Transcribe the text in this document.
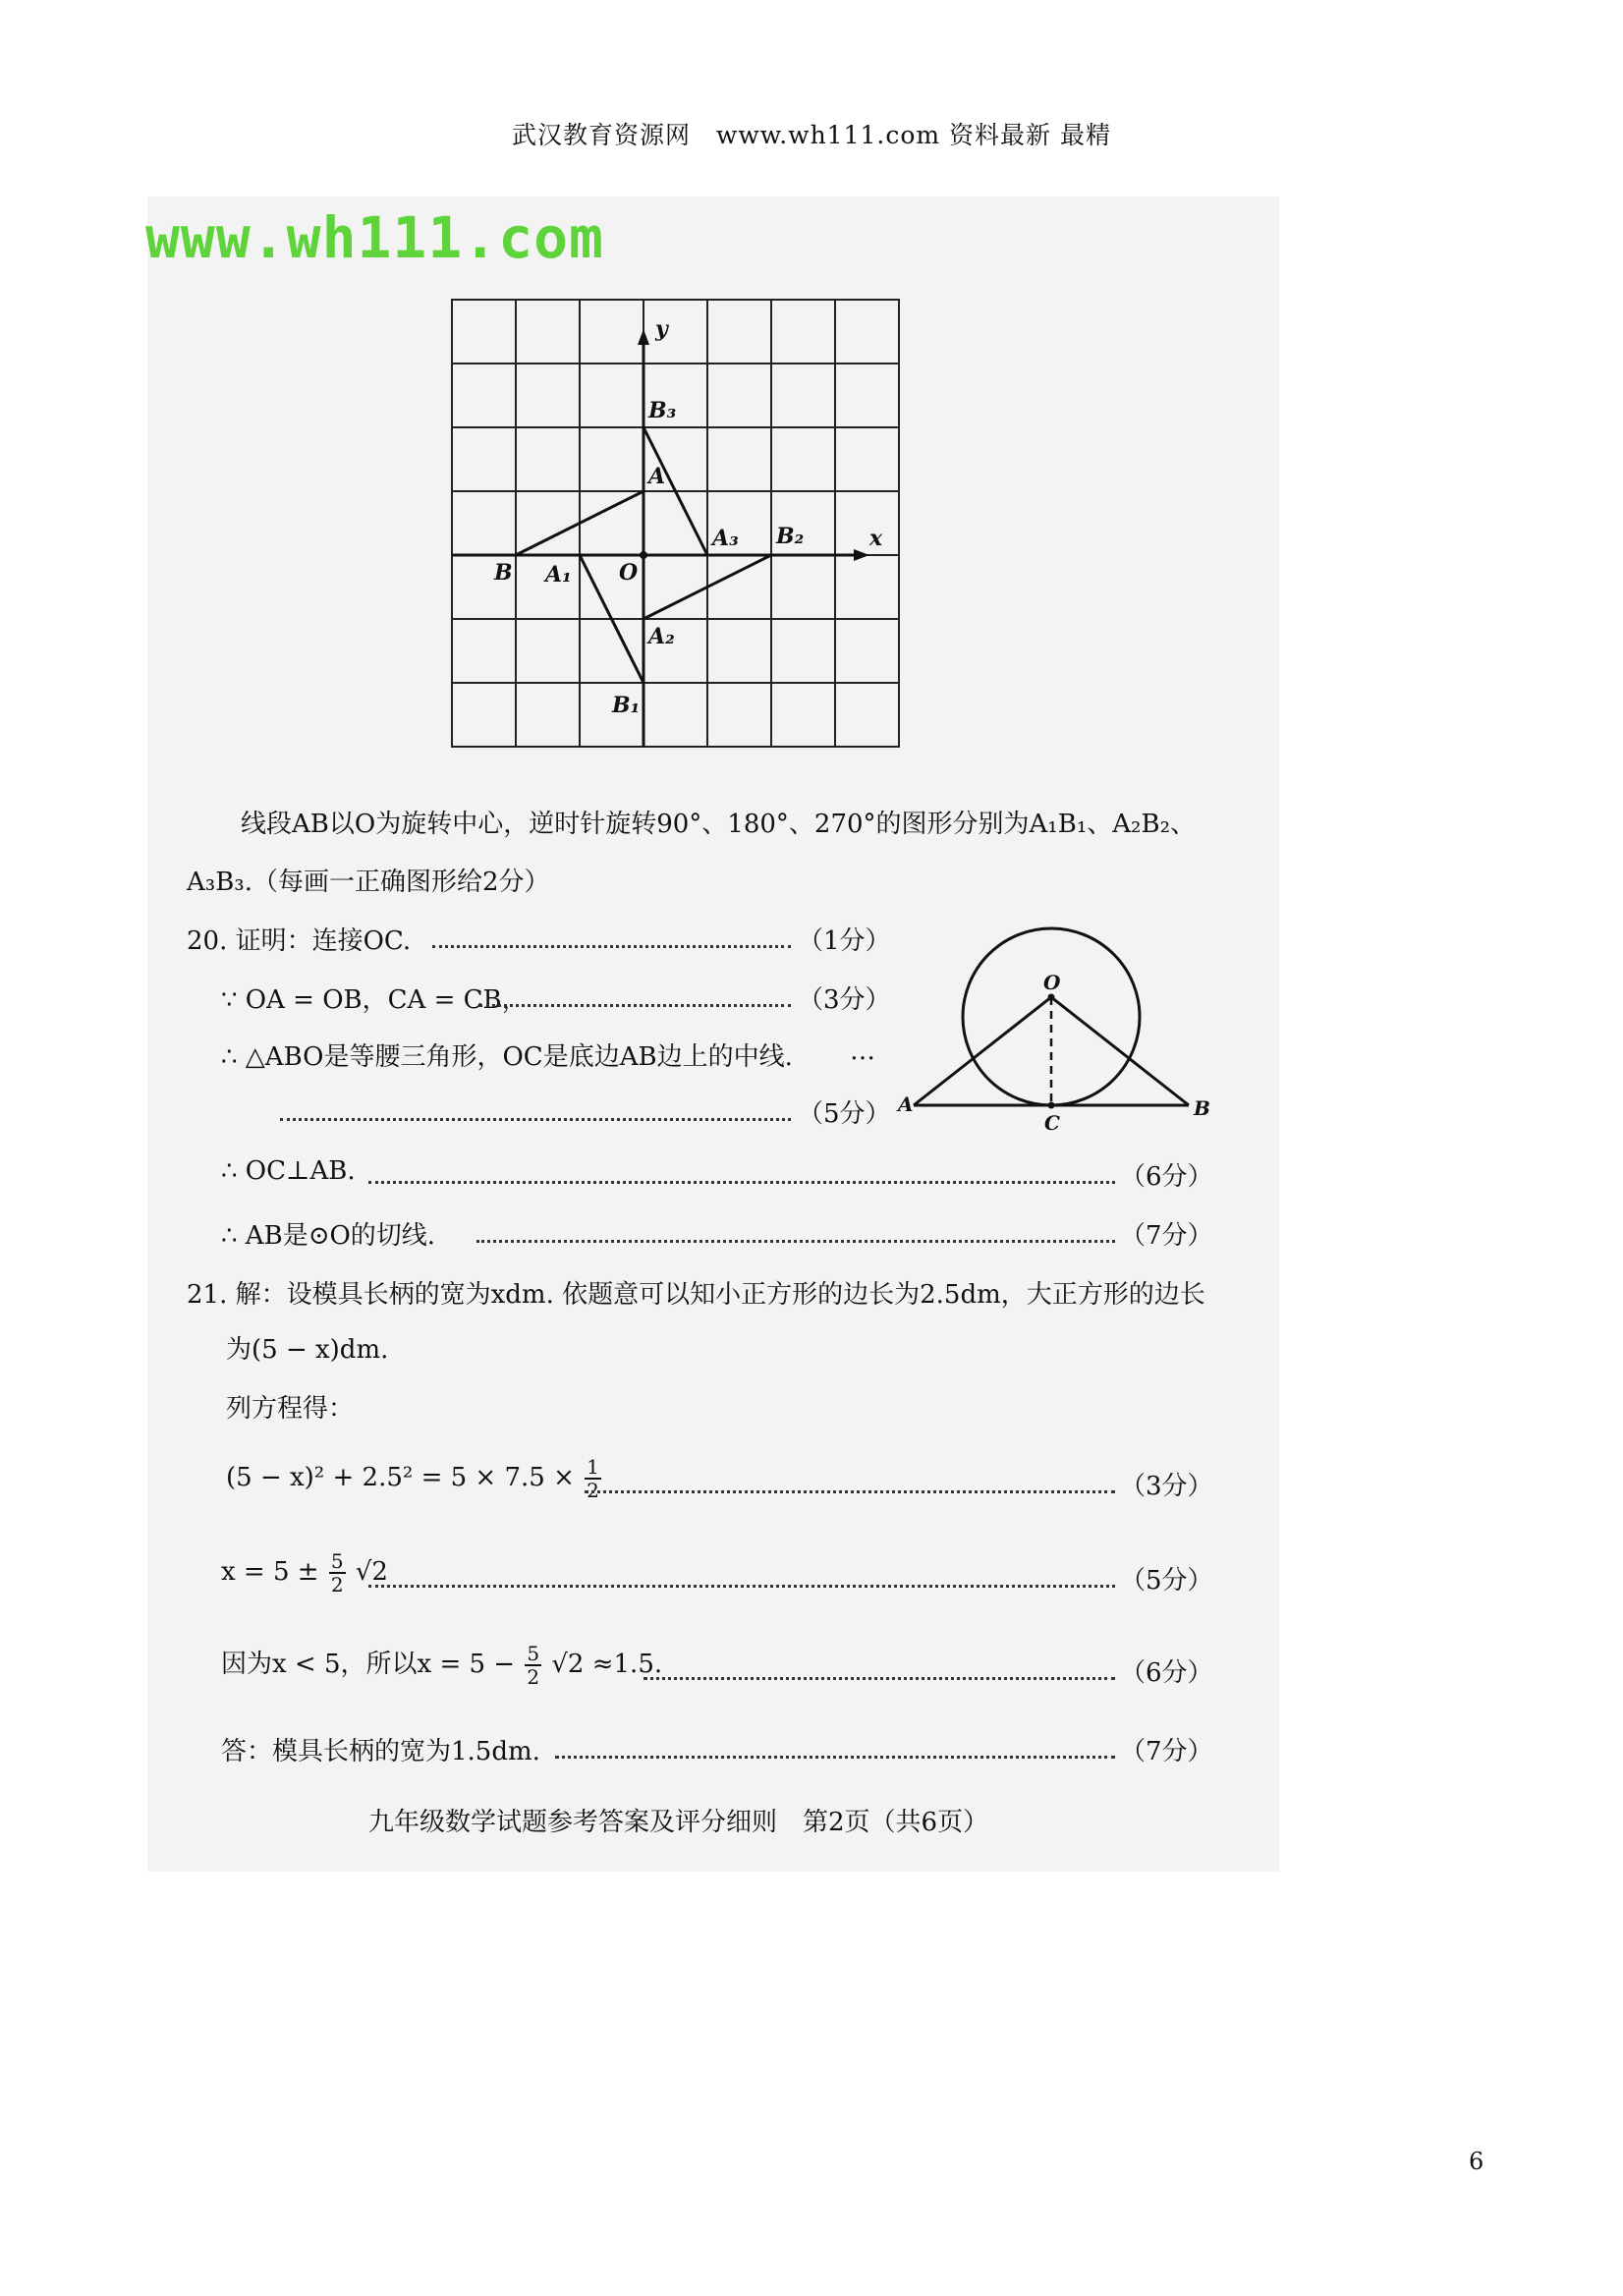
武汉教育资源网　www.wh111.com 资料最新 最精
www.wh111.com
y
x
B₃
A
A₃ B₂
B A₁ O
A₂
B₁
线段AB以O为旋转中心，逆时针旋转90°、180°、270°的图形分别为A₁B₁、A₂B₂、
A₃B₃.（每画一正确图形给2分）
20. 证明：连接OC.	（1分）
∵ OA = OB，CA = CB，	（3分）
∴ △ABO是等腰三角形，OC是底边AB边上的中线. …
（5分）
O
A	B
C
∴ OC⊥AB.	（6分）
∴ AB是⊙O的切线.	（7分）
21. 解：设模具长柄的宽为xdm. 依题意可以知小正方形的边长为2.5dm，大正方形的边长
为(5 − x)dm.
列方程得：
$(5 - x)^2 + 2.5^2 = 5 \times 7.5 \times \frac{1}{2}$	（3分）
$x = 5 \pm \frac{5}{2} √2$	（5分）
因为x < 5，所以$x = 5 - \frac{5}{2} √2 \approx 1.5$.	（6分）
答：模具长柄的宽为1.5dm.	（7分）
九年级数学试题参考答案及评分细则　第2页（共6页）
6
